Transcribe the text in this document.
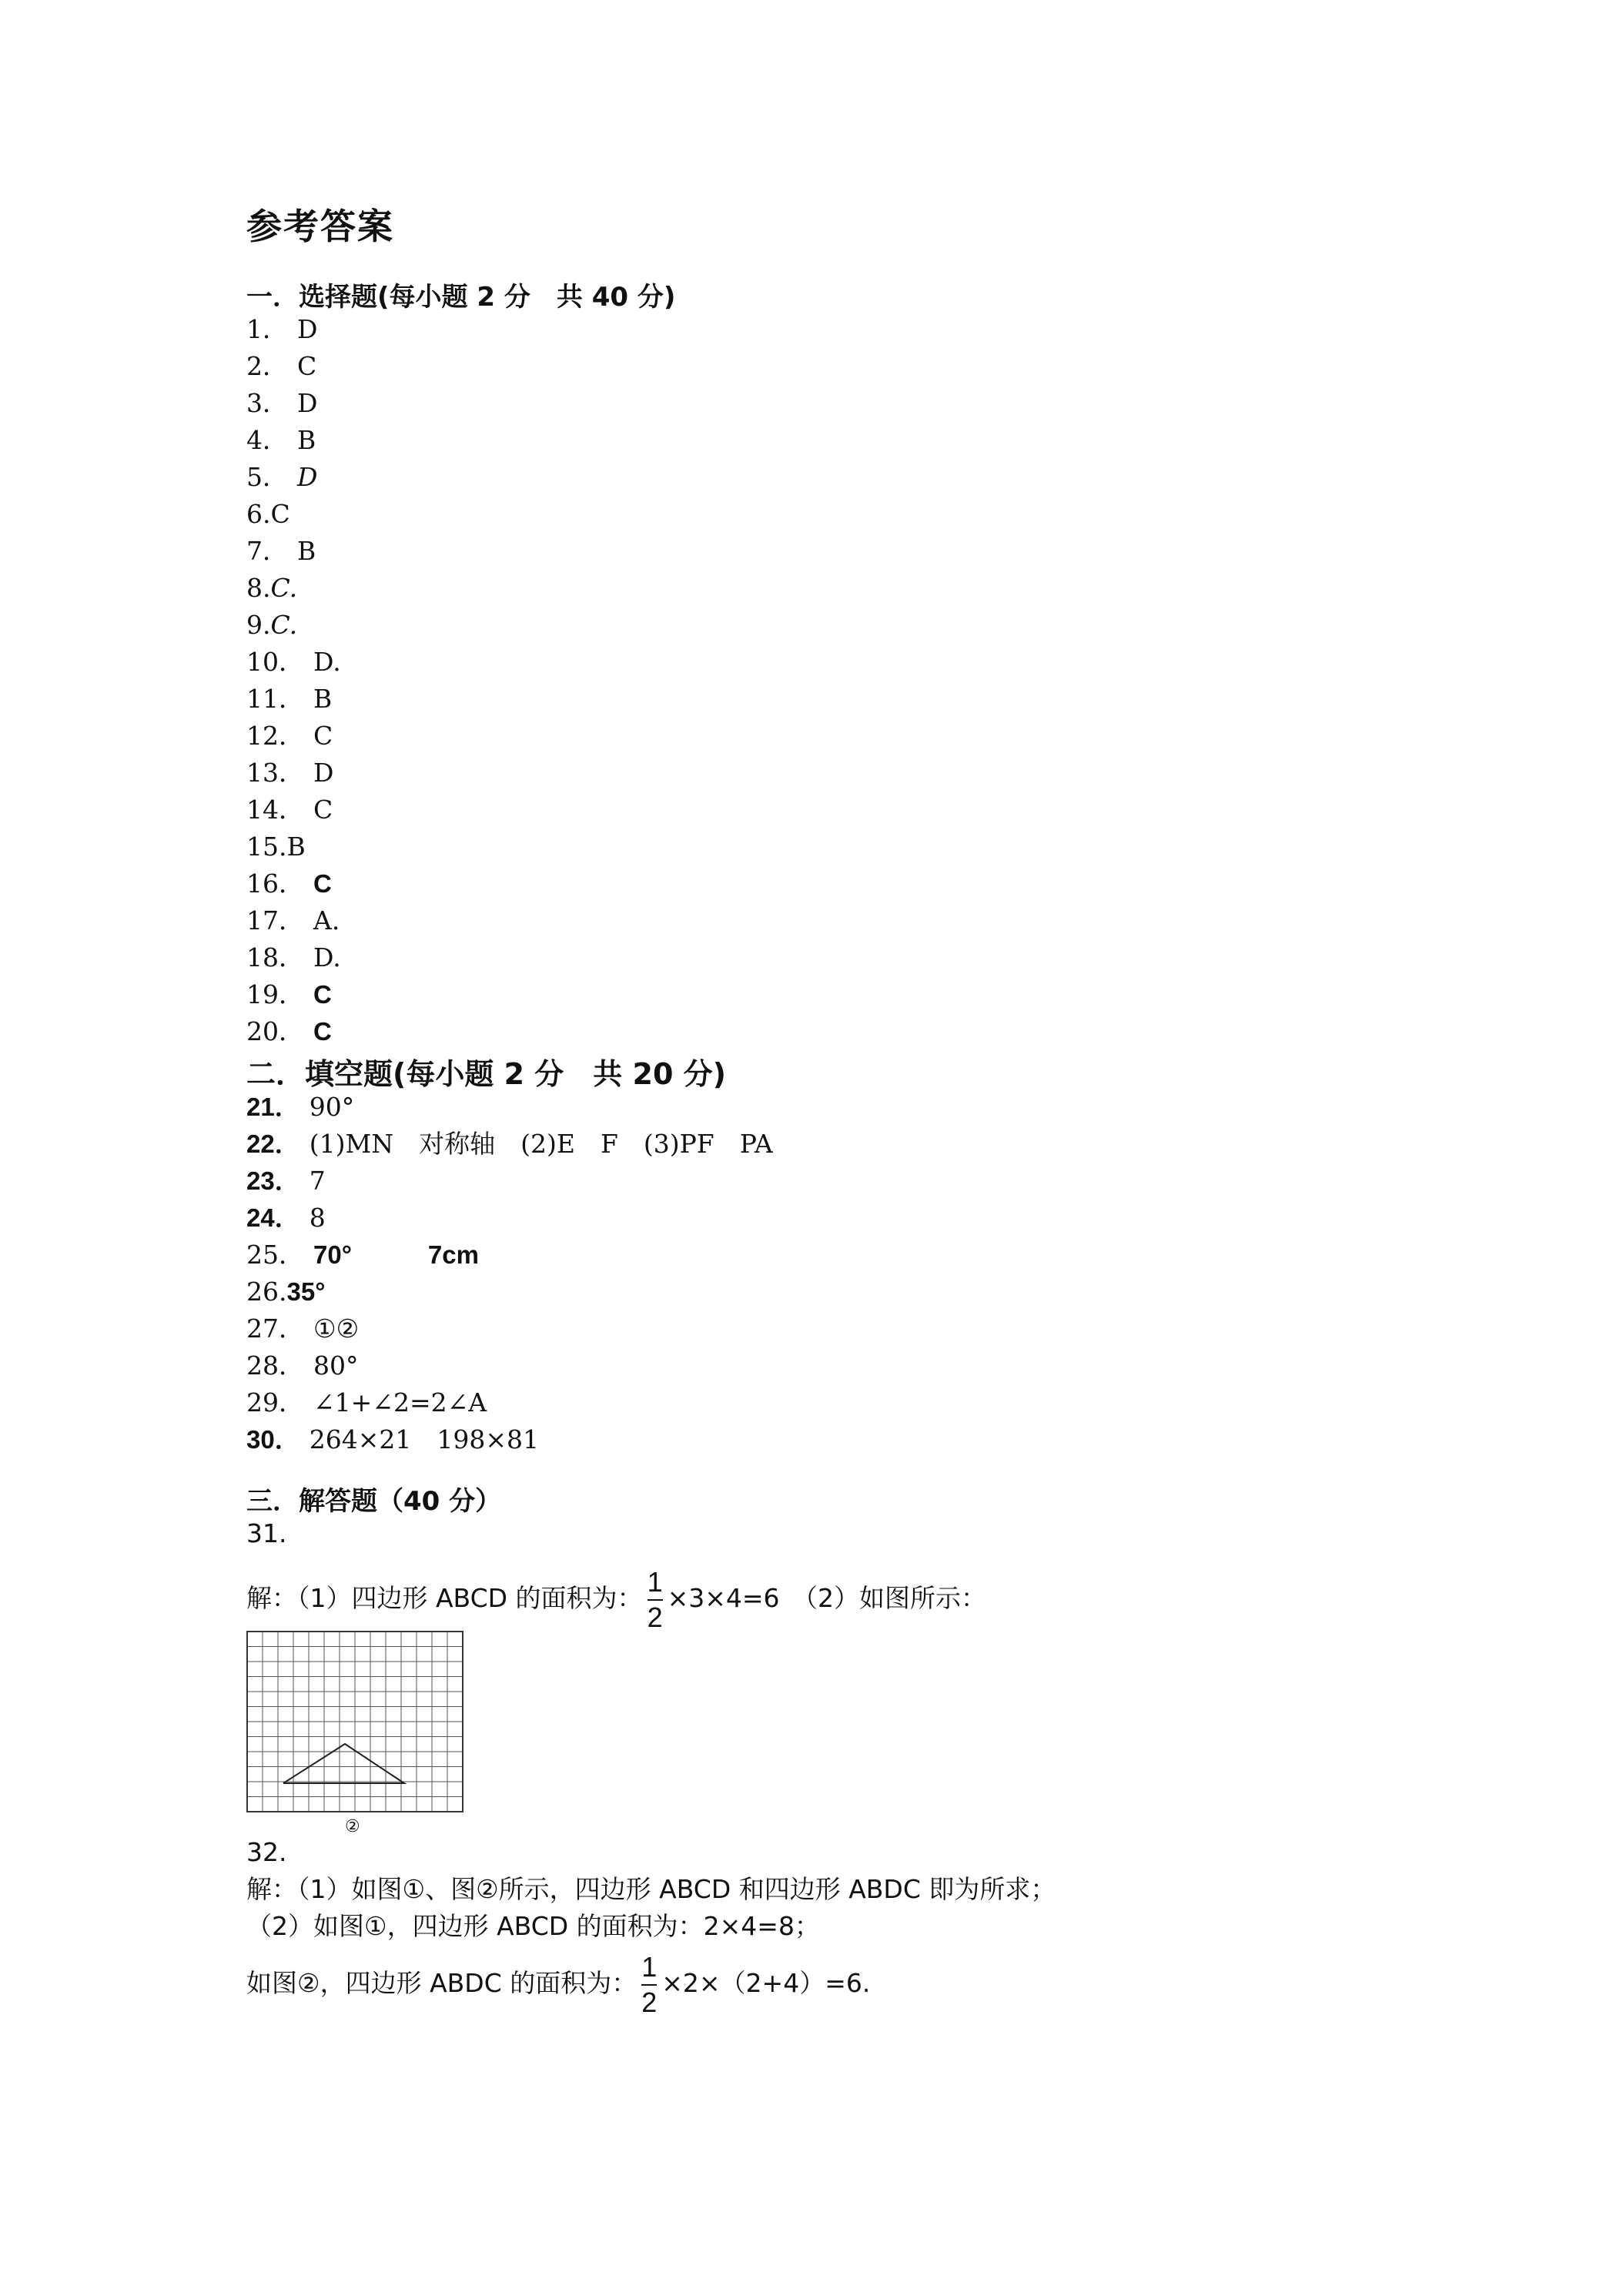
参考答案
一．选择题(每小题 2 分　共 40 分)
1． D
2． C
3． D
4． B
5． D
6.C
7． B
8.C.
9.C.
10． D.
11． B
12． C
13． D
14． C
15.B
16． C
17． A.
18． D.
19． C
20． C
二．填空题(每小题 2 分　共 20 分)
21． 90°
22． (1)MN　对称轴　(2)E　F　(3)PF　PA
23． 7
24． 8
25． 70°　　　7cm
26.35°
27． ①②
28． 80°
29． ∠1+∠2=2∠A
30． 264×21　198×81
三．解答题（40 分）
31.
解：（1）四边形 ABCD 的面积为： $\frac{1}{2} \times 3\times 4=6$　（2）如图所示：
②
32.
解：（1）如图①、图②所示，四边形 ABCD 和四边形 ABDC 即为所求；
（2）如图①，四边形 ABCD 的面积为：2×4=8；
如图②，四边形 ABDC 的面积为： $\frac{1}{2} \times 2\times(2+4)=6$.
